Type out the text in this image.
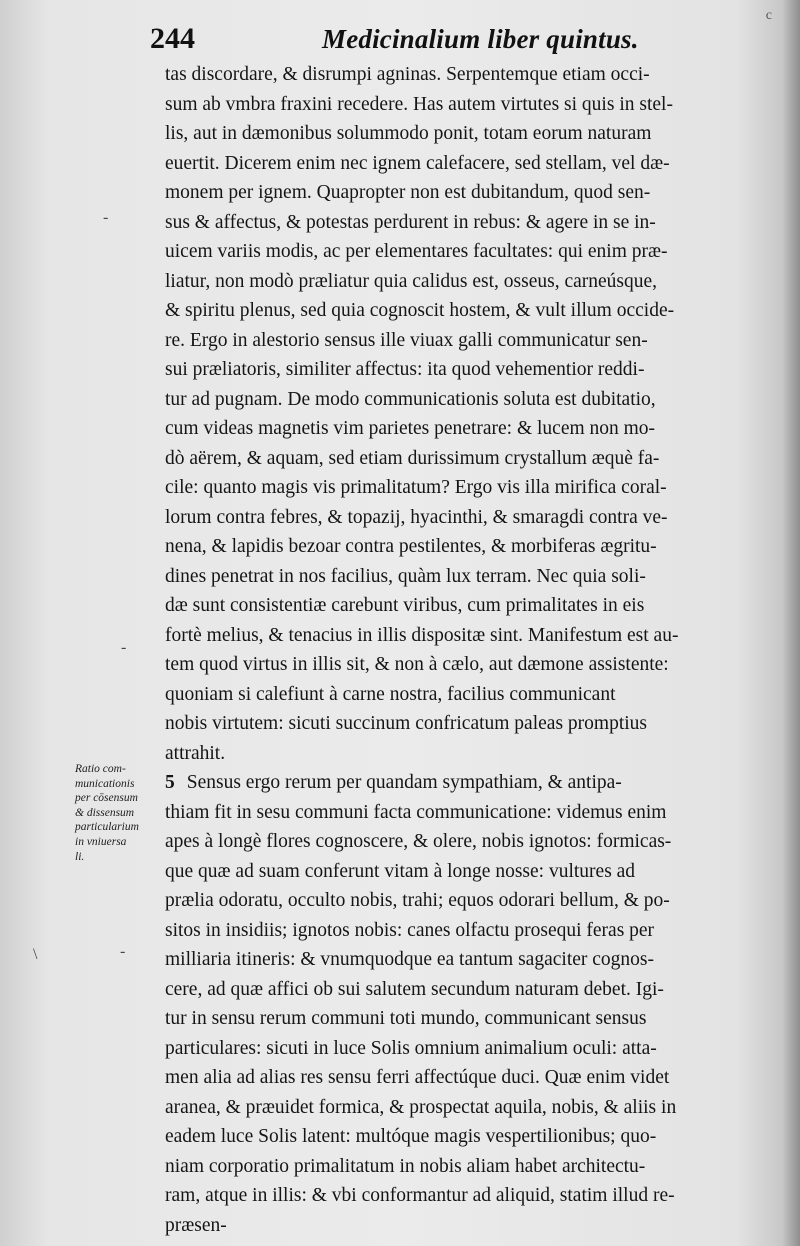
244	Medicinalium liber quintus.
c
Ratio com-
municationis
per cōsensum
& dissensum
particularium
in vniuersa
li.
tas discordare, & disrumpi agninas. Serpentemque etiam occi-
sum ab vmbra fraxini recedere. Has autem virtutes si quis in stel-
lis, aut in dæmonibus solummodo ponit, totam eorum naturam
euertit. Dicerem enim nec ignem calefacere, sed stellam, vel dæ-
monem per ignem. Quapropter non est dubitandum, quod sen-
sus & affectus, & potestas perdurent in rebus: & agere in se in-
uicem variis modis, ac per elementares facultates: qui enim præ-
liatur, non modò præliatur quia calidus est, osseus, carneúsque,
& spiritu plenus, sed quia cognoscit hostem, & vult illum occide-
re. Ergo in alestorio sensus ille viuax galli communicatur sen-
sui præliatoris, similiter affectus: ita quod vehementior reddi-
tur ad pugnam. De modo communicationis soluta est dubitatio,
cum videas magnetis vim parietes penetrare: & lucem non mo-
dò aërem, & aquam, sed etiam durissimum crystallum æquè fa-
cile: quanto magis vis primalitatum? Ergo vis illa mirifica coral-
lorum contra febres, & topazij, hyacinthi, & smaragdi contra ve-
nena, & lapidis bezoar contra pestilentes, & morbiferas ægritu-
dines penetrat in nos facilius, quàm lux terram. Nec quia soli-
dæ sunt consistentiæ carebunt viribus, cum primalitates in eis
fortè melius, & tenacius in illis dispositæ sint. Manifestum est au-
tem quod virtus in illis sit, & non à cælo, aut dæmone assistente:
quoniam si calefiunt à carne nostra, facilius communicant
nobis virtutem: sicuti succinum confricatum paleas promptius
attrahit.
5 Sensus ergo rerum per quandam sympathiam, & antipa-
thiam fit in sesu communi facta communicatione: videmus enim
apes à longè flores cognoscere, & olere, nobis ignotos: formicas-
que quæ ad suam conferunt vitam à longe nosse: vultures ad
prælia odoratu, occulto nobis, trahi; equos odorari bellum, & po-
sitos in insidiis; ignotos nobis: canes olfactu prosequi feras per
milliaria itineris: & vnumquodque ea tantum sagaciter cognos-
cere, ad quæ affici ob sui salutem secundum naturam debet. Igi-
tur in sensu rerum communi toti mundo, communicant sensus
particulares: sicuti in luce Solis omnium animalium oculi: atta-
men alia ad alias res sensu ferri affectúque duci. Quæ enim videt
aranea, & præuidet formica, & prospectat aquila, nobis, & aliis in
eadem luce Solis latent: multóque magis vespertilionibus; quo-
niam corporatio primalitatum in nobis aliam habet architectu-
ram, atque in illis: & vbi conformantur ad aliquid, statim illud re-
præsen-
-
-
-
\
